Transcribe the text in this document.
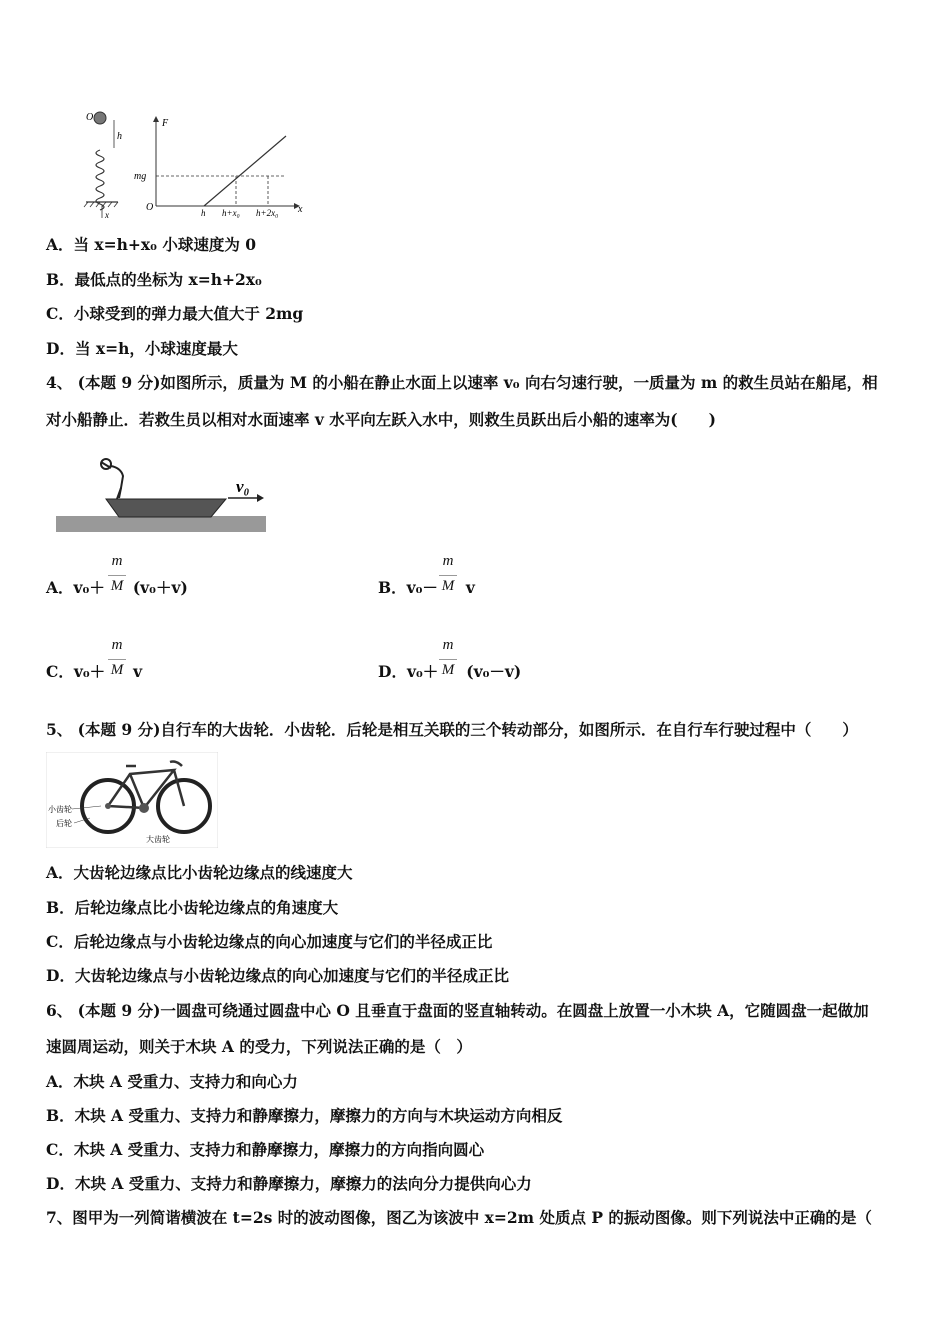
O
h
x
F
x
O
mg
h h+x₀ h+2x₀
A．当 x=h+x₀ 小球速度为 0
B．最低点的坐标为 x=h+2x₀
C．小球受到的弹力最大值大于 2mg
D．当 x=h，小球速度最大
4、 (本题 9 分)如图所示，质量为 M 的小船在静止水面上以速率 v₀ 向右匀速行驶，一质量为 m 的救生员站在船尾，相
对小船静止．若救生员以相对水面速率 v 水平向左跃入水中，则救生员跃出后小船的速率为(　　)
v₀
A．v₀＋ (v₀＋v)
m
M	B．v₀－ v
m
M
C．v₀＋ v
m
M	D．v₀＋ (v₀－v)
m
M
5、 (本题 9 分)自行车的大齿轮．小齿轮．后轮是相互关联的三个转动部分，如图所示．在自行车行驶过程中（　　）
小齿轮
后轮
大齿轮
A．大齿轮边缘点比小齿轮边缘点的线速度大
B．后轮边缘点比小齿轮边缘点的角速度大
C．后轮边缘点与小齿轮边缘点的向心加速度与它们的半径成正比
D．大齿轮边缘点与小齿轮边缘点的向心加速度与它们的半径成正比
6、 (本题 9 分)一圆盘可绕通过圆盘中心 O 且垂直于盘面的竖直轴转动。在圆盘上放置一小木块 A，它随圆盘一起做加
速圆周运动，则关于木块 A 的受力，下列说法正确的是（　）
A．木块 A 受重力、支持力和向心力
B．木块 A 受重力、支持力和静摩擦力，摩擦力的方向与木块运动方向相反
C．木块 A 受重力、支持力和静摩擦力，摩擦力的方向指向圆心
D．木块 A 受重力、支持力和静摩擦力，摩擦力的法向分力提供向心力
7、图甲为一列简谐横波在 t=2s 时的波动图像，图乙为该波中 x=2m 处质点 P 的振动图像。则下列说法中正确的是（
